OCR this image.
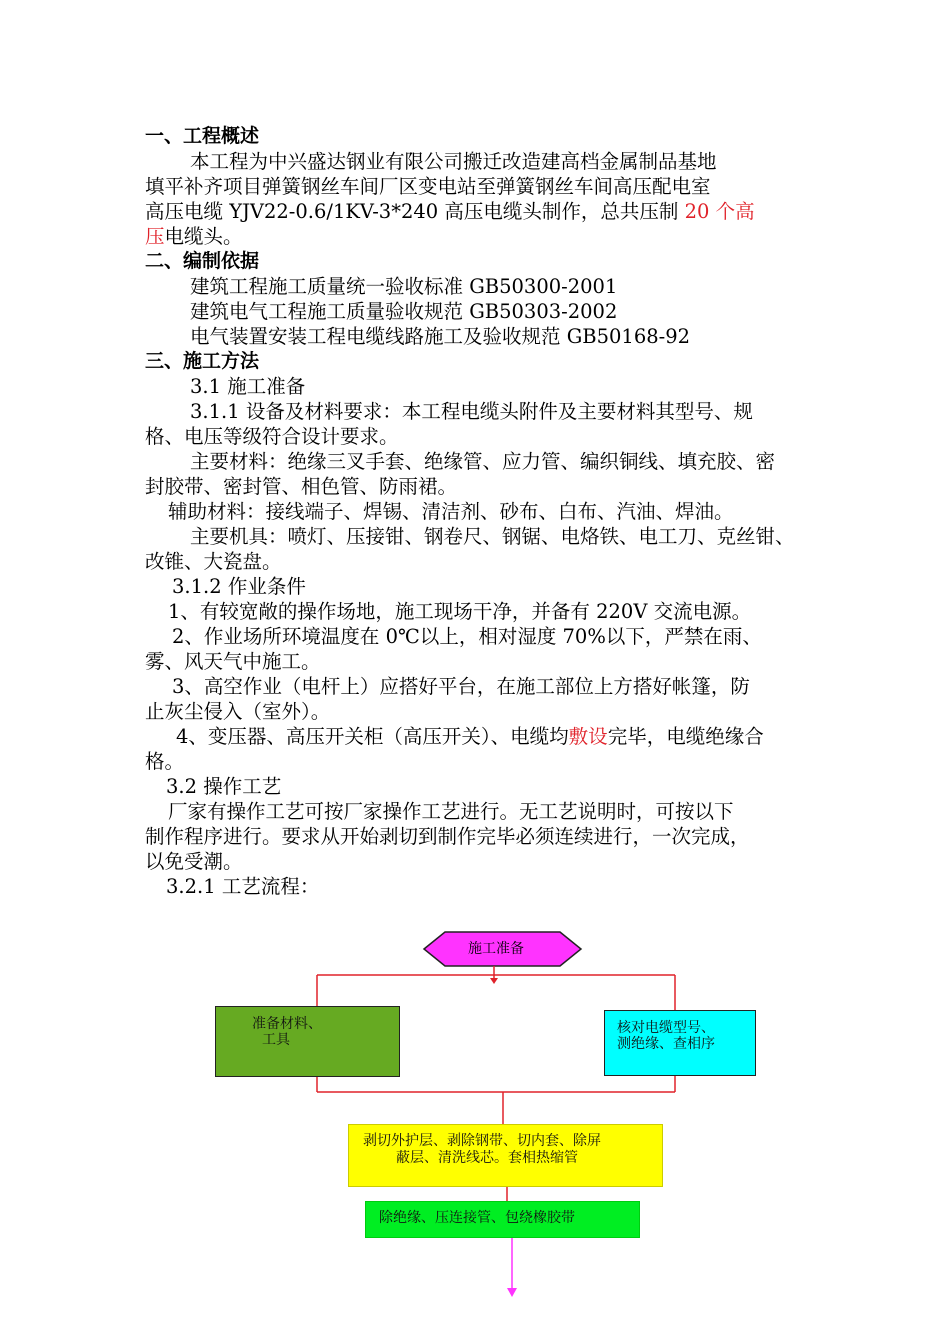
一、工程概述
本工程为中兴盛达钢业有限公司搬迁改造建高档金属制品基地
填平补齐项目弹簧钢丝车间厂区变电站至弹簧钢丝车间高压配电室
高压电缆 YJV22-0.6/1KV-3*240 高压电缆头制作，总共压制 20 个高
压电缆头。
二、编制依据
建筑工程施工质量统一验收标准 GB50300-2001
建筑电气工程施工质量验收规范 GB50303-2002
电气装置安装工程电缆线路施工及验收规范 GB50168-92
三、施工方法
3.1 施工准备
3.1.1 设备及材料要求：本工程电缆头附件及主要材料其型号、规
格、电压等级符合设计要求。
主要材料：绝缘三叉手套、绝缘管、应力管、编织铜线、填充胶、密
封胶带、密封管、相色管、防雨裙。
辅助材料：接线端子、焊锡、清洁剂、砂布、白布、汽油、焊油。
主要机具：喷灯、压接钳、钢卷尺、钢锯、电烙铁、电工刀、克丝钳、
改锥、大瓷盘。
3.1.2 作业条件
1、有较宽敞的操作场地，施工现场干净，并备有 220V 交流电源。
2、作业场所环境温度在 0℃以上，相对湿度 70%以下，严禁在雨、
雾、风天气中施工。
3、高空作业（电杆上）应搭好平台，在施工部位上方搭好帐篷，防
止灰尘侵入（室外）。
4、变压器、高压开关柜（高压开关）、电缆均敷设完毕，电缆绝缘合
格。
3.2 操作工艺
厂家有操作工艺可按厂家操作工艺进行。无工艺说明时，可按以下
制作程序进行。要求从开始剥切到制作完毕必须连续进行，一次完成，
以免受潮。
3.2.1 工艺流程：
施工准备
准备材料、
工具
核对电缆型号、
测绝缘、查相序
剥切外护层、剥除钢带、切内套、除屏
蔽层、清洗线芯。套相热缩管
除绝缘、压连接管、包绕橡胶带
